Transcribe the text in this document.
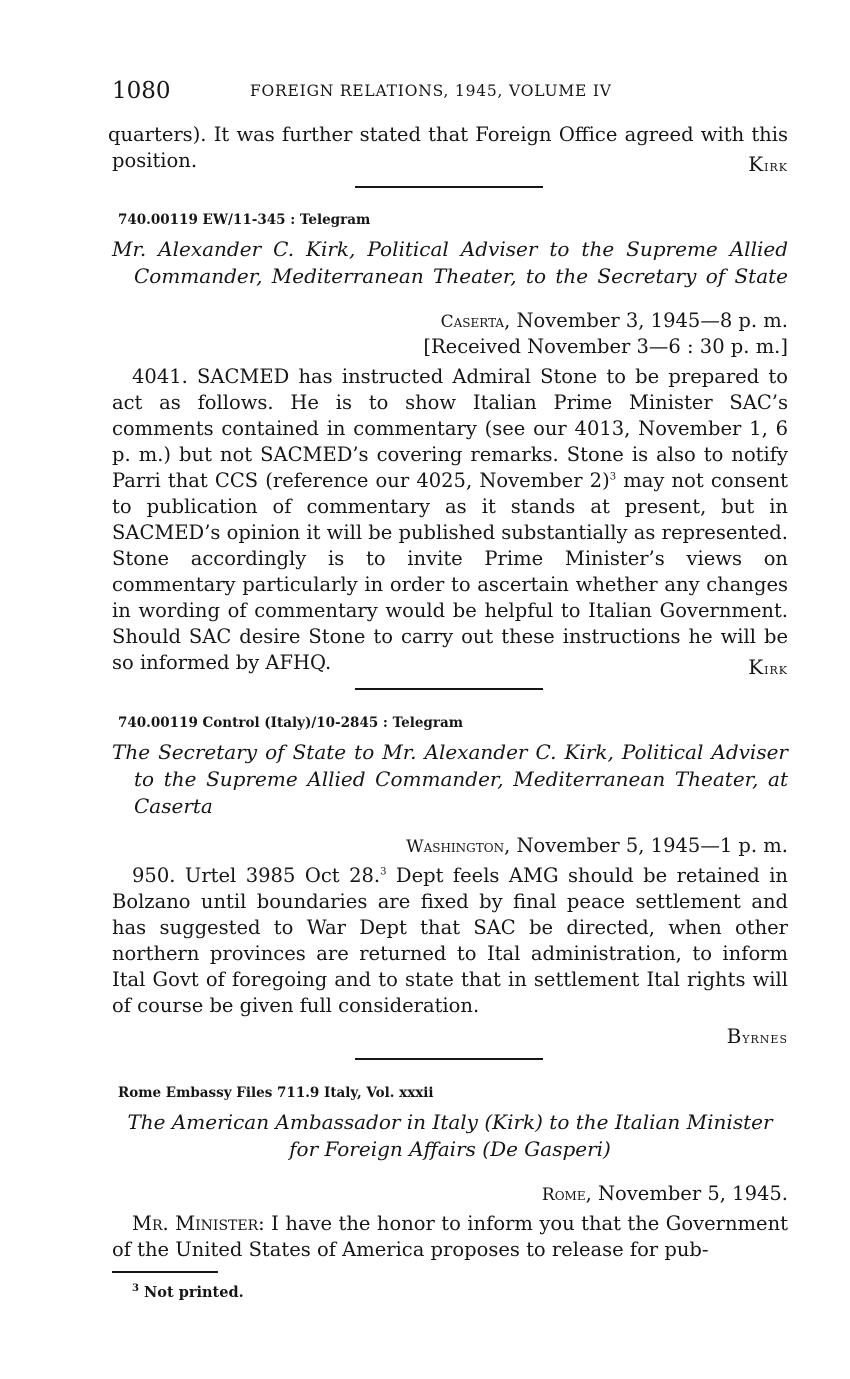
1080	FOREIGN RELATIONS, 1945, VOLUME IV
quarters). It was further stated that Foreign Office agreed with this position.	Kirk
740.00119 EW/11-345 : Telegram
Mr. Alexander C. Kirk, Political Adviser to the Supreme Allied Commander, Mediterranean Theater, to the Secretary of State
Caserta, November 3, 1945—8 p. m.
[Received November 3—6 : 30 p. m.]
4041. SACMED has instructed Admiral Stone to be prepared to act as follows. He is to show Italian Prime Minister SAC’s comments contained in commentary (see our 4013, November 1, 6 p. m.) but not SACMED’s covering remarks. Stone is also to notify Parri that CCS (reference our 4025, November 2)$^3$ may not consent to publication of commentary as it stands at present, but in SACMED’s opinion it will be published substantially as represented. Stone accordingly is to invite Prime Minister’s views on commentary particularly in order to ascertain whether any changes in wording of commentary would be helpful to Italian Government. Should SAC desire Stone to carry out these instructions he will be so informed by AFHQ.	Kirk
740.00119 Control (Italy)/10-2845 : Telegram
The Secretary of State to Mr. Alexander C. Kirk, Political Adviser to the Supreme Allied Commander, Mediterranean Theater, at Caserta
Washington, November 5, 1945—1 p. m.
950. Urtel 3985 Oct 28.$^3$ Dept feels AMG should be retained in Bolzano until boundaries are fixed by final peace settlement and has suggested to War Dept that SAC be directed, when other northern provinces are returned to Ital administration, to inform Ital Govt of foregoing and to state that in settlement Ital rights will of course be given full consideration.
Byrnes
Rome Embassy Files 711.9 Italy, Vol. xxxii
The American Ambassador in Italy (Kirk) to the Italian Minister
for Foreign Affairs (De Gasperi)
Rome, November 5, 1945.
Mr. Minister: I have the honor to inform you that the Government of the United States of America proposes to release for pub-
$^3$ Not printed.
